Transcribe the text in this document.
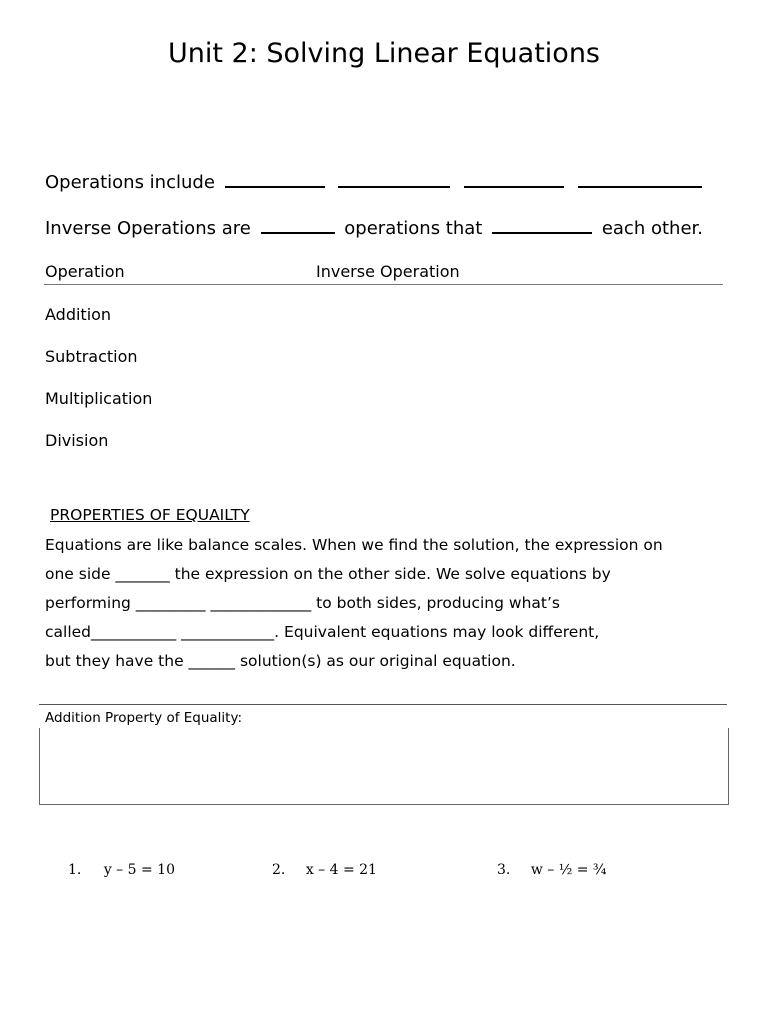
Unit 2: Solving Linear Equations
Operations include
Inverse Operations are	operations that	each other.
Operation	Inverse Operation
Addition
Subtraction
Multiplication
Division
PROPERTIES OF EQUAILTY
Equations are like balance scales. When we find the solution, the expression on
one side _______ the expression on the other side. We solve equations by
performing _________ _____________ to both sides, producing what’s
called___________ ____________. Equivalent equations may look different,
but they have the ______ solution(s) as our original equation.
Addition Property of Equality:
1. y – 5 = 10	2. x – 4 = 21	3. w – ½ = ¾
